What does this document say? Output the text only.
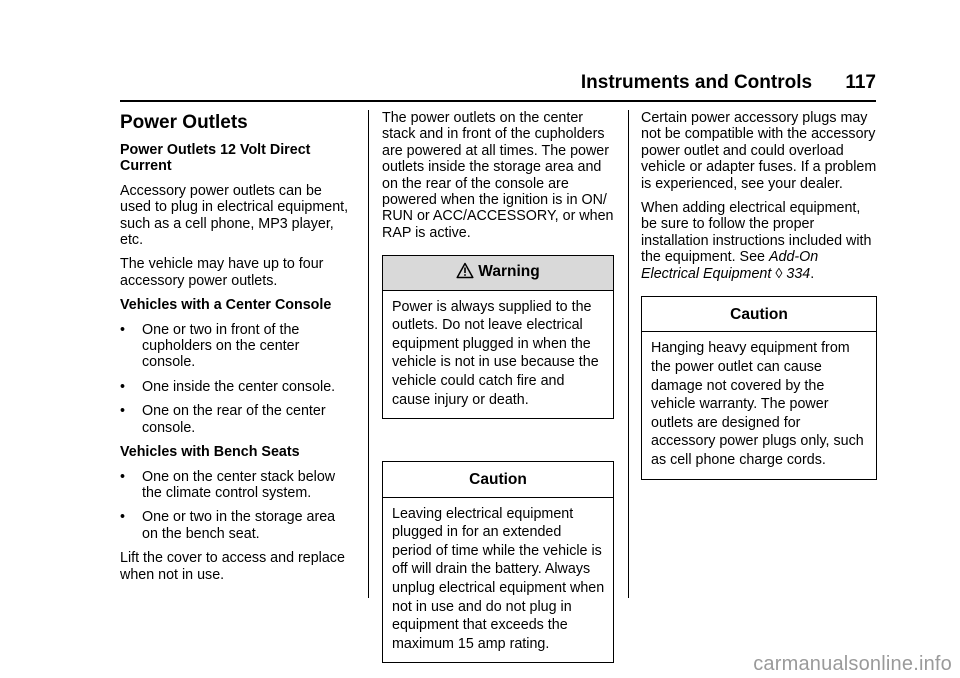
Instruments and Controls 117
Power Outlets

Power Outlets 12 Volt Direct Current

Accessory power outlets can be used to plug in electrical equipment, such as a cell phone, MP3 player, etc.

The vehicle may have up to four accessory power outlets.

Vehicles with a Center Console

•	One or two in front of the cupholders on the center console.
•	One inside the center console.
•	One on the rear of the center console.

Vehicles with Bench Seats

•	One on the center stack below the climate control system.
•	One or two in the storage area on the bench seat.

Lift the cover to access and replace when not in use.

The power outlets on the center stack and in front of the cupholders are powered at all times. The power outlets inside the storage area and on the rear of the console are powered when the ignition is in ON/ RUN or ACC/ACCESSORY, or when RAP is active.

Warning
Power is always supplied to the outlets. Do not leave electrical equipment plugged in when the vehicle is not in use because the vehicle could catch fire and cause injury or death.
Caution
Leaving electrical equipment plugged in for an extended period of time while the vehicle is off will drain the battery. Always unplug electrical equipment when not in use and do not plug in equipment that exceeds the maximum 15 amp rating.

Certain power accessory plugs may not be compatible with the accessory power outlet and could overload vehicle or adapter fuses. If a problem is experienced, see your dealer.

When adding electrical equipment, be sure to follow the proper installation instructions included with the equipment. See Add-On Electrical Equipment ◊ 334.

Caution
Hanging heavy equipment from the power outlet can cause damage not covered by the vehicle warranty. The power outlets are designed for accessory power plugs only, such as cell phone charge cords.
carmanualsonline.info
